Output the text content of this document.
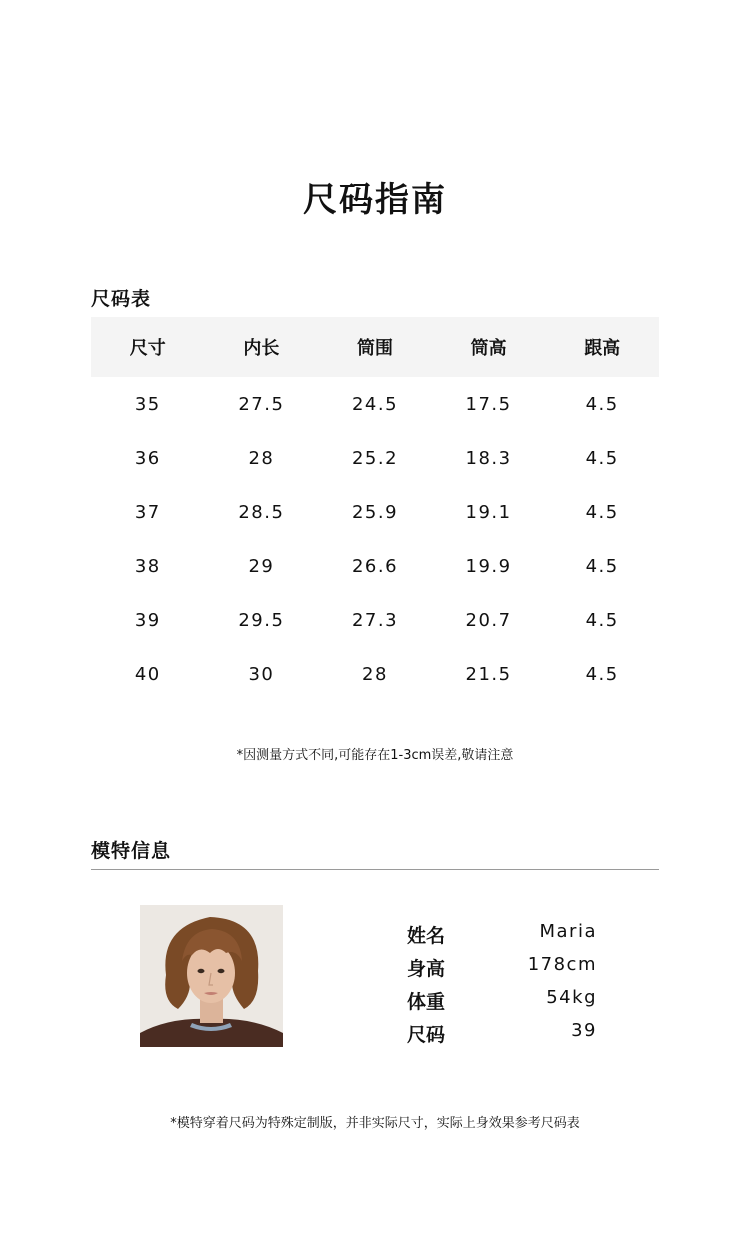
尺码指南
尺码表
尺寸	内长	筒围	筒高	跟高
35	27.5	24.5	17.5	4.5
36	28	25.2	18.3	4.5
37	28.5	25.9	19.1	4.5
38	29	26.6	19.9	4.5
39	29.5	27.3	20.7	4.5
40	30	28	21.5	4.5
*因测量方式不同,可能存在1-3cm误差,敬请注意
模特信息
姓名	Maria
身高	178cm
体重	54kg
尺码	39
*模特穿着尺码为特殊定制版，并非实际尺寸，实际上身效果参考尺码表
